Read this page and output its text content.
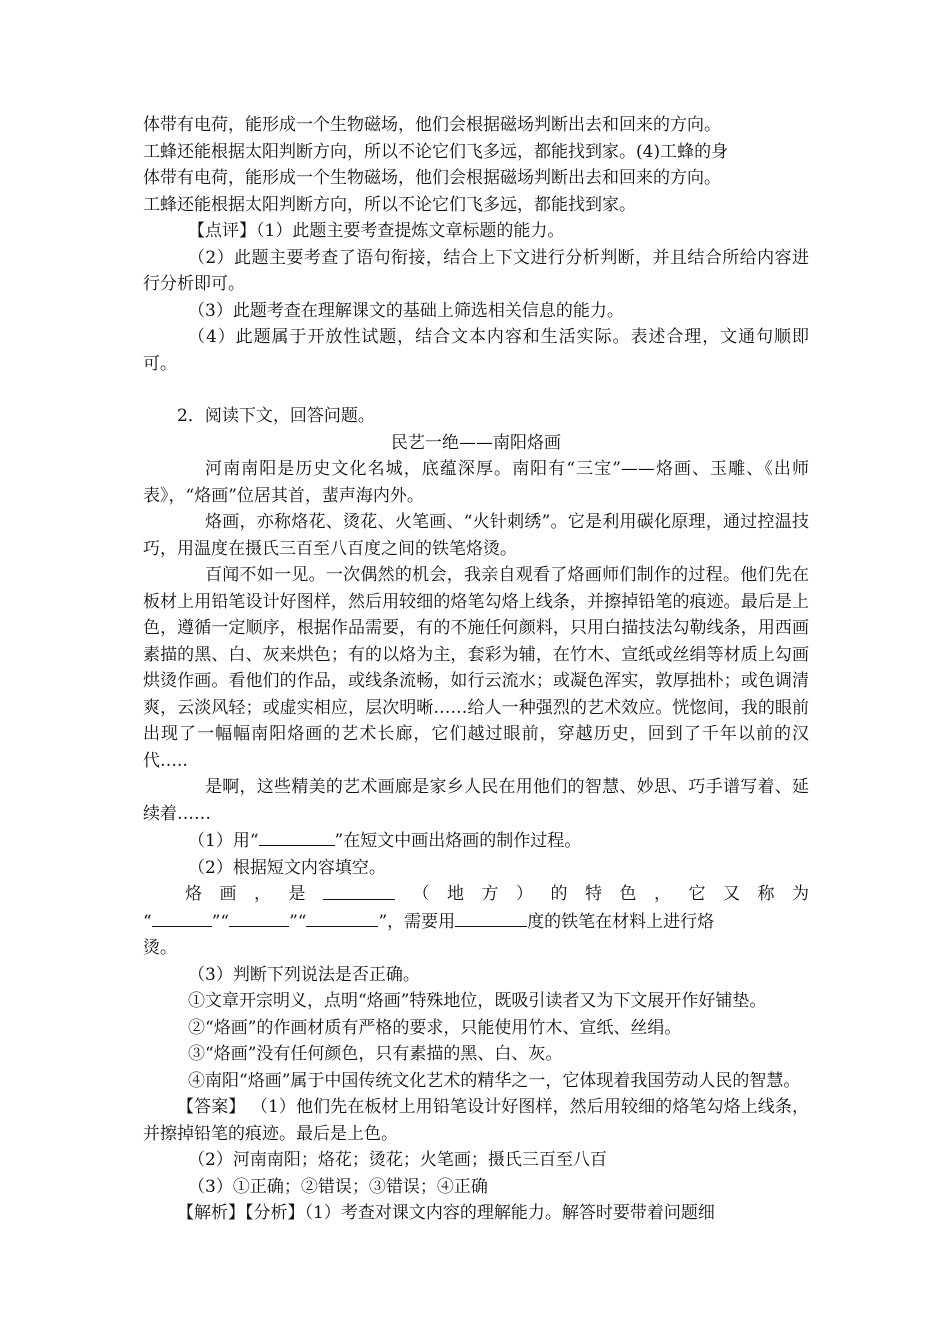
体带有电荷，能形成一个生物磁场，他们会根据磁场判断出去和回来的方向。

工蜂还能根据太阳判断方向，所以不论它们飞多远，都能找到家。(4)工蜂的身

体带有电荷，能形成一个生物磁场，他们会根据磁场判断出去和回来的方向。

工蜂还能根据太阳判断方向，所以不论它们飞多远，都能找到家。

【点评】（1）此题主要考查提炼文章标题的能力。

（2）此题主要考查了语句衔接，结合上下文进行分析判断，并且结合所给内容进行分析即可。

（3）此题考查在理解课文的基础上筛选相关信息的能力。

（4）此题属于开放性试题，结合文本内容和生活实际。表述合理，文通句顺即可。

2．阅读下文，回答问题。

民艺一绝——南阳烙画

河南南阳是历史文化名城，底蕴深厚。南阳有“三宝”——烙画、玉雕、《出师表》，“烙画”位居其首，蜚声海内外。

烙画，亦称烙花、烫花、火笔画、“火针刺绣”。它是利用碳化原理，通过控温技巧，用温度在摄氏三百至八百度之间的铁笔烙烫。

百闻不如一见。一次偶然的机会，我亲自观看了烙画师们制作的过程。他们先在板材上用铅笔设计好图样，然后用较细的烙笔勾烙上线条，并擦掉铅笔的痕迹。最后是上色，遵循一定顺序，根据作品需要，有的不施任何颜料，只用白描技法勾勒线条，用西画素描的黑、白、灰来烘色；有的以烙为主，套彩为辅，在竹木、宣纸或丝绢等材质上勾画烘烫作画。看他们的作品，或线条流畅，如行云流水；或凝色浑实，敦厚拙朴；或色调清爽，云淡风轻；或虚实相应，层次明晰……给人一种强烈的艺术效应。恍惚间，我的眼前出现了一幅幅南阳烙画的艺术长廊，它们越过眼前，穿越历史，回到了千年以前的汉代…..

是啊，这些精美的艺术画廊是家乡人民在用他们的智慧、妙思、巧手谱写着、延续着……

（1）用“	”在短文中画出烙画的制作过程。

（2）根据短文内容填空。

烙 画 ， 是	（ 地 方 ） 的 特 色 ， 它 又 称 为

“	”“	”“	”，需要用	度的铁笔在材料上进行烙

烫。

（3）判断下列说法是否正确。

①文章开宗明义，点明“烙画”特殊地位，既吸引读者又为下文展开作好铺垫。

②“烙画”的作画材质有严格的要求，只能使用竹木、宣纸、丝绢。

③“烙画”没有任何颜色，只有素描的黑、白、灰。

④南阳“烙画”属于中国传统文化艺术的精华之一，它体现着我国劳动人民的智慧。

【答案】 （1）他们先在板材上用铅笔设计好图样，然后用较细的烙笔勾烙上线条，并擦掉铅笔的痕迹。最后是上色。

（2）河南南阳；烙花；烫花；火笔画；摄氏三百至八百

（3）①正确；②错误；③错误；④正确

【解析】【分析】（1）考查对课文内容的理解能力。解答时要带着问题细
